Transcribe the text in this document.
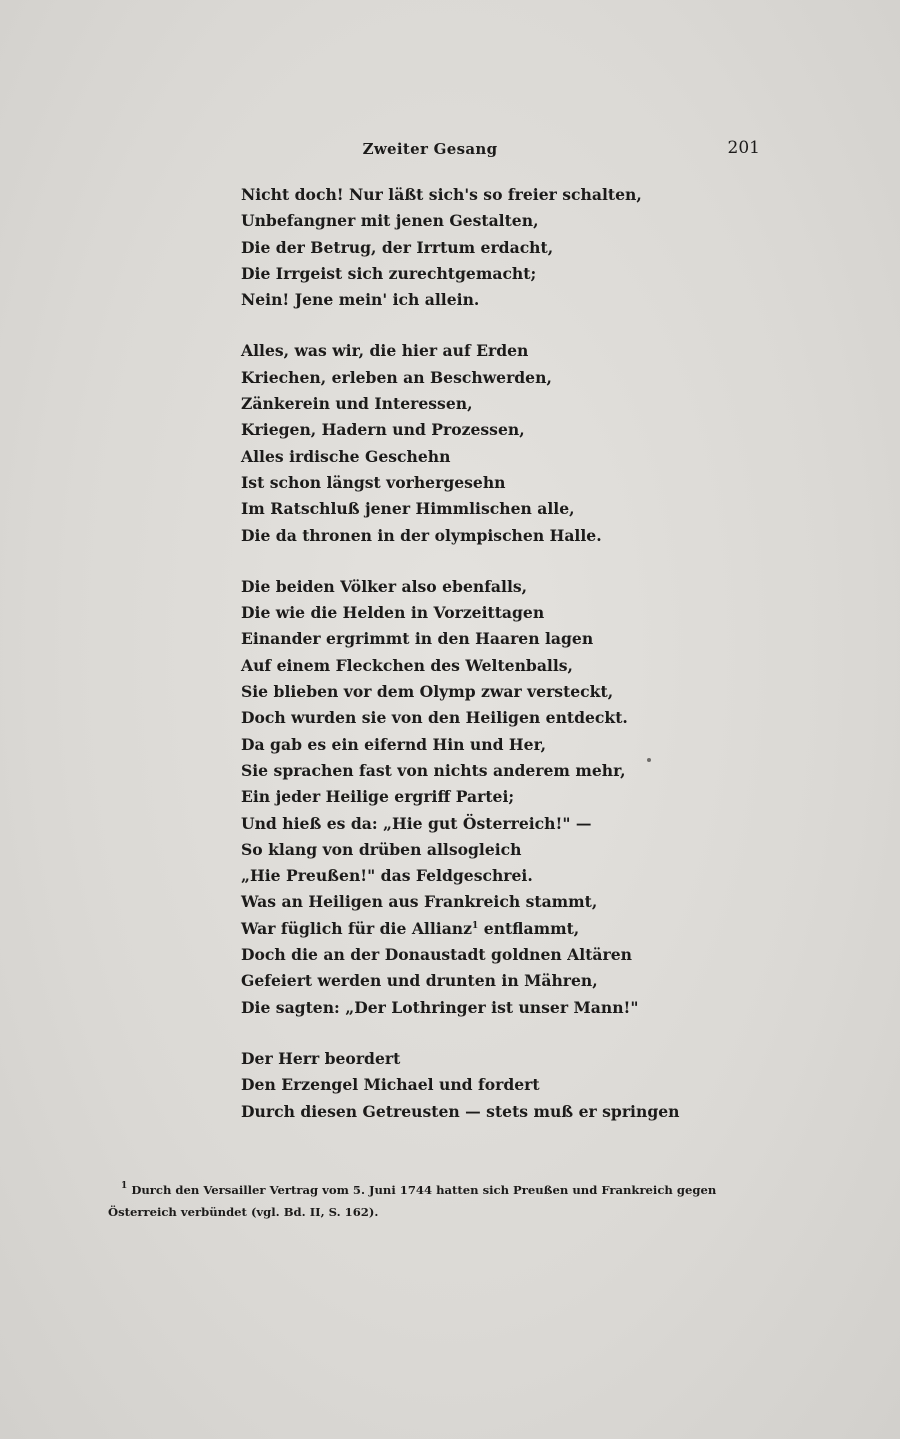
Zweiter Gesang	201
Nicht doch! Nur läßt sich's so freier schalten,
Unbefangner mit jenen Gestalten,
Die der Betrug, der Irrtum erdacht,
Die Irrgeist sich zurechtgemacht;
Nein! Jene mein' ich allein.
Alles, was wir, die hier auf Erden
Kriechen, erleben an Beschwerden,
Zänkerein und Interessen,
Kriegen, Hadern und Prozessen,
Alles irdische Geschehn
Ist schon längst vorhergesehn
Im Ratschluß jener Himmlischen alle,
Die da thronen in der olympischen Halle.
Die beiden Völker also ebenfalls,
Die wie die Helden in Vorzeittagen
Einander ergrimmt in den Haaren lagen
Auf einem Fleckchen des Weltenballs,
Sie blieben vor dem Olymp zwar versteckt,
Doch wurden sie von den Heiligen entdeckt.
Da gab es ein eifernd Hin und Her,
Sie sprachen fast von nichts anderem mehr,
Ein jeder Heilige ergriff Partei;
Und hieß es da: „Hie gut Österreich!" —
So klang von drüben allsogleich
„Hie Preußen!" das Feldgeschrei.
Was an Heiligen aus Frankreich stammt,
War füglich für die Allianz$^1$ entflammt,
Doch die an der Donaustadt goldnen Altären
Gefeiert werden und drunten in Mähren,
Die sagten: „Der Lothringer ist unser Mann!"
Der Herr beordert
Den Erzengel Michael und fordert
Durch diesen Getreusten — stets muß er springen
$^1$ Durch den Versailler Vertrag vom 5. Juni 1744 hatten sich Preußen und Frankreich gegen Österreich verbündet (vgl. Bd. II, S. 162).
